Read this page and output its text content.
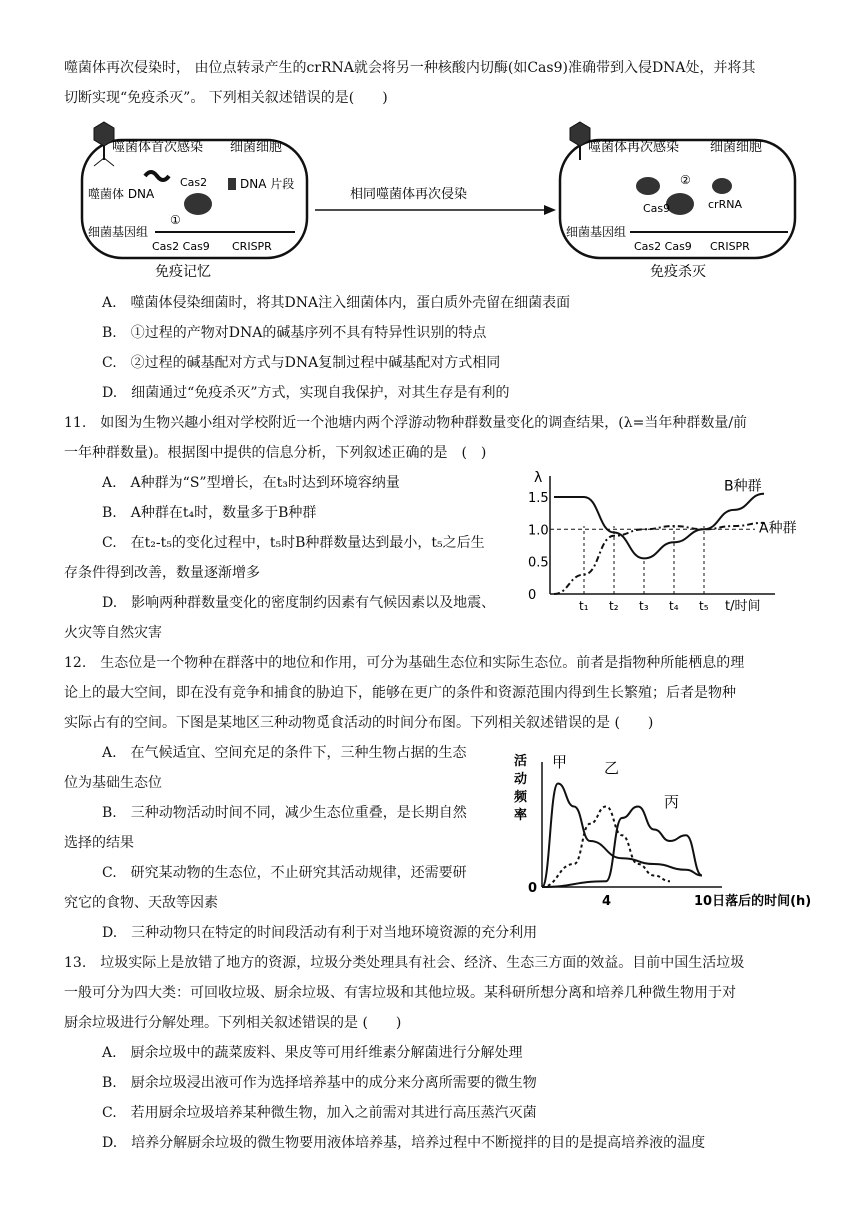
噬菌体再次侵染时， 由位点转录产生的crRNA就会将另一种核酸内切酶(如Cas9)准确带到入侵DNA处，并将其
切断实现“免疫杀灭”。 下列相关叙述错误的是(　　)
噬菌体首次感染 细菌细胞
噬菌体 DNA
Cas2	DNA 片段
①
细菌基因组
Cas2 Cas9 CRISPR
免疫记忆
相同噬菌体再次侵染
噬菌体再次感染 细菌细胞
②
Cas9	crRNA
细菌基因组
Cas2 Cas9 CRISPR
免疫杀灭
A.　噬菌体侵染细菌时，将其DNA注入细菌体内，蛋白质外壳留在细菌表面
B.　①过程的产物对DNA的碱基序列不具有特异性识别的特点
C.　②过程的碱基配对方式与DNA复制过程中碱基配对方式相同
D.　细菌通过“免疫杀灭”方式，实现自我保护，对其生存是有利的
11.　如图为生物兴趣小组对学校附近一个池塘内两个浮游动物种群数量变化的调查结果，(λ=当年种群数量/前
一年种群数量)。根据图中提供的信息分析，下列叙述正确的是　(　)
A.　A种群为“S”型增长，在t₃时达到环境容纳量
B.　A种群在t₄时，数量多于B种群
C.　在t₂-t₅的变化过程中，t₅时B种群数量达到最小，t₅之后生
存条件得到改善，数量逐渐增多
D.　影响两种群数量变化的密度制约因素有气候因素以及地震、
火灾等自然灾害
λ
1.5
1.0
0.5
0
t₁ t₂ t₃ t₄ t₅ t/时间
B种群
A种群
12.　生态位是一个物种在群落中的地位和作用，可分为基础生态位和实际生态位。前者是指物种所能栖息的理
论上的最大空间，即在没有竞争和捕食的胁迫下，能够在更广的条件和资源范围内得到生长繁殖；后者是物种
实际占有的空间。下图是某地区三种动物觅食活动的时间分布图。下列相关叙述错误的是 (　　)
A.　在气候适宜、空间充足的条件下，三种生物占据的生态
位为基础生态位
B.　三种动物活动时间不同，减少生态位重叠，是长期自然
选择的结果
C.　研究某动物的生态位，不止研究其活动规律，还需要研
究它的食物、天敌等因素
D.　三种动物只在特定的时间段活动有利于对当地环境资源的充分利用
活
动
频
率
0
4	10日落后的时间(h)
甲 乙
丙
13.　垃圾实际上是放错了地方的资源，垃圾分类处理具有社会、经济、生态三方面的效益。目前中国生活垃圾
一般可分为四大类：可回收垃圾、厨余垃圾、有害垃圾和其他垃圾。某科研所想分离和培养几种微生物用于对
厨余垃圾进行分解处理。下列相关叙述错误的是 (　　)
A.　厨余垃圾中的蔬菜废料、果皮等可用纤维素分解菌进行分解处理
B.　厨余垃圾浸出液可作为选择培养基中的成分来分离所需要的微生物
C.　若用厨余垃圾培养某种微生物，加入之前需对其进行高压蒸汽灭菌
D.　培养分解厨余垃圾的微生物要用液体培养基，培养过程中不断搅拌的目的是提高培养液的温度
